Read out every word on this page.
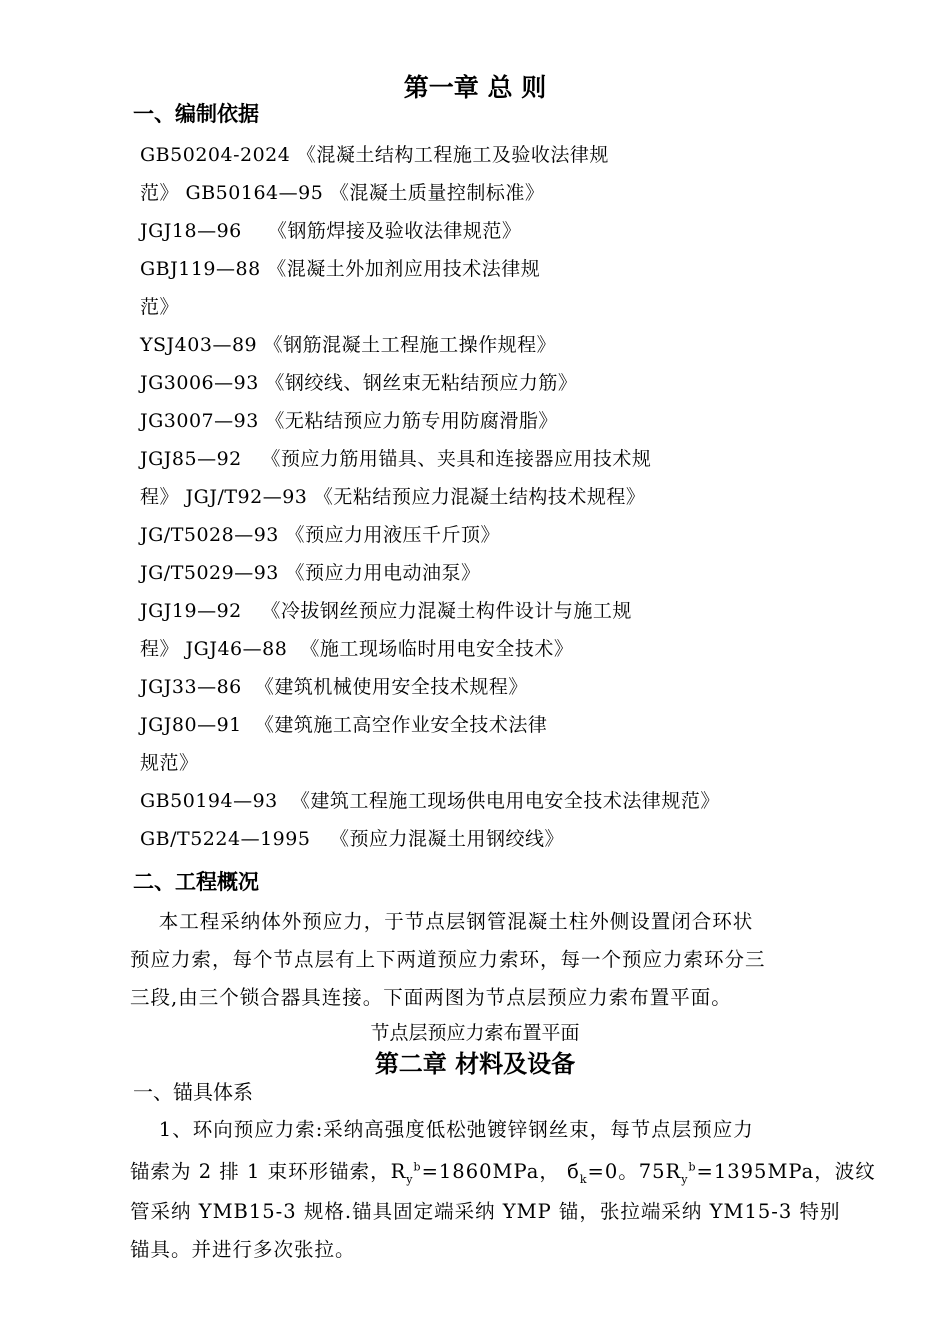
第一章 总 则
一、编制依据
GB50204-2024 《混凝土结构工程施工及验收法律规
范》 GB50164—95 《混凝土质量控制标准》
JGJ18—96    《钢筋焊接及验收法律规范》
GBJ119—88 《混凝土外加剂应用技术法律规
范》
YSJ403—89 《钢筋混凝土工程施工操作规程》
JG3006—93 《钢绞线、钢丝束无粘结预应力筋》
JG3007—93 《无粘结预应力筋专用防腐滑脂》
JGJ85—92   《预应力筋用锚具、夹具和连接器应用技术规
程》 JGJ/T92—93 《无粘结预应力混凝土结构技术规程》
JG/T5028—93 《预应力用液压千斤顶》
JG/T5029—93 《预应力用电动油泵》
JGJ19—92   《冷拔钢丝预应力混凝土构件设计与施工规
程》 JGJ46—88  《施工现场临时用电安全技术》
JGJ33—86  《建筑机械使用安全技术规程》
JGJ80—91  《建筑施工高空作业安全技术法律
规范》
GB50194—93  《建筑工程施工现场供电用电安全技术法律规范》
GB/T5224—1995   《预应力混凝土用钢绞线》
二、工程概况
本工程采纳体外预应力，于节点层钢管混凝土柱外侧设置闭合环状
预应力索，每个节点层有上下两道预应力索环，每一个预应力索环分三
三段,由三个锁合器具连接。下面两图为节点层预应力索布置平面。
节点层预应力索布置平面
第二章 材料及设备
一、锚具体系
1、环向预应力索:采纳高强度低松弛镀锌钢丝束，每节点层预应力
锚索为 2 排 1 束环形锚索，$R_y^b=1860MPa$， $б_k=0$。$75R_y^b=1395MPa$，波纹
管采纳 YMB15-3 规格.锚具固定端采纳 YMP 锚，张拉端采纳 YM15-3 特别
锚具。并进行多次张拉。
